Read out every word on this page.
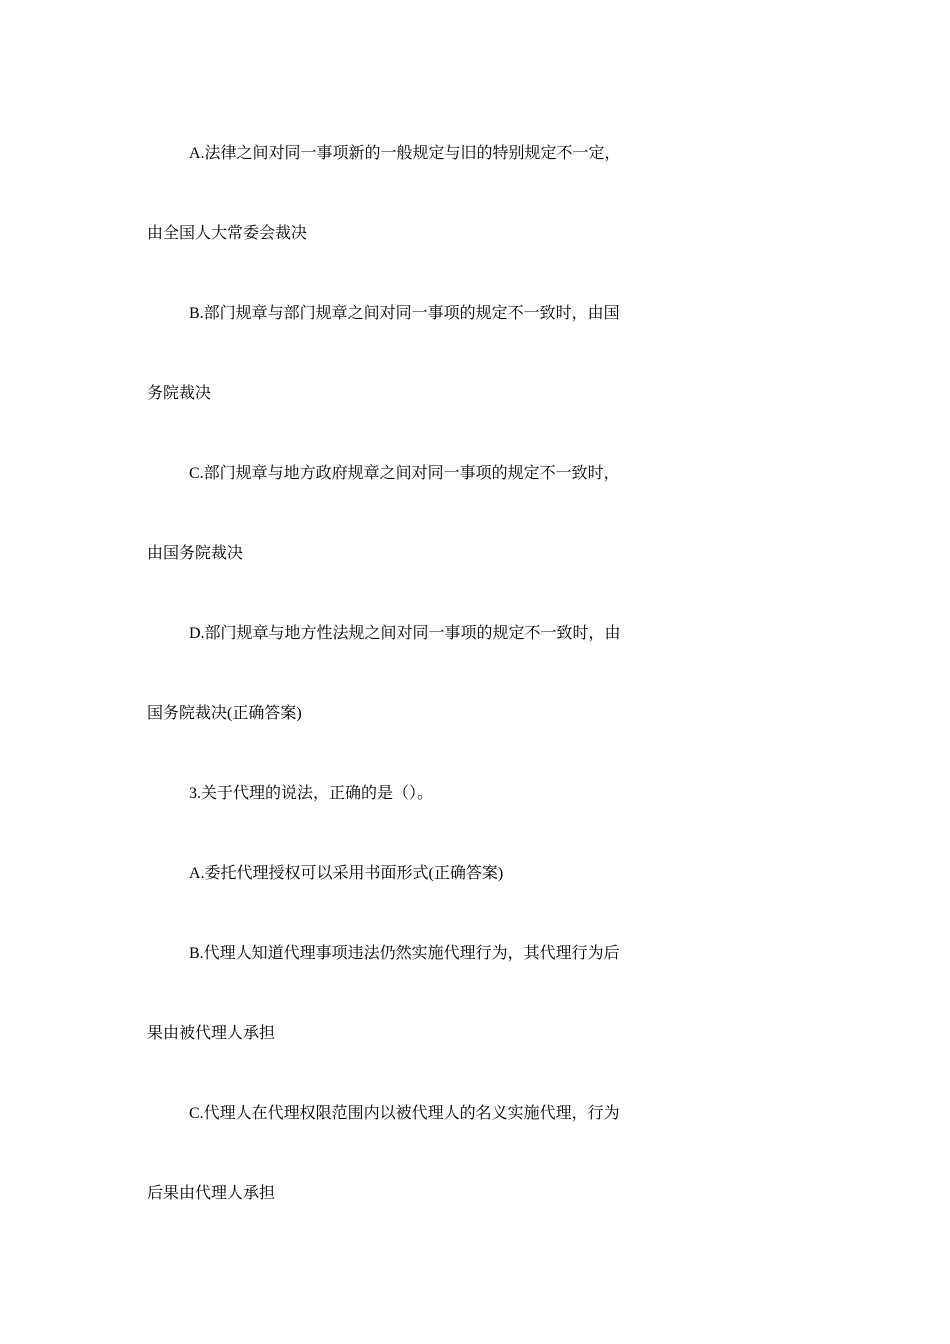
A.法律之间对同一事项新的一般规定与旧的特别规定不一定，
由全国人大常委会裁决
B.部门规章与部门规章之间对同一事项的规定不一致时，由国
务院裁决
C.部门规章与地方政府规章之间对同一事项的规定不一致时，
由国务院裁决
D.部门规章与地方性法规之间对同一事项的规定不一致时，由
国务院裁决(正确答案)
3.关于代理的说法，正确的是（）。
A.委托代理授权可以采用书面形式(正确答案)
B.代理人知道代理事项违法仍然实施代理行为，其代理行为后
果由被代理人承担
C.代理人在代理权限范围内以被代理人的名义实施代理，行为
后果由代理人承担
